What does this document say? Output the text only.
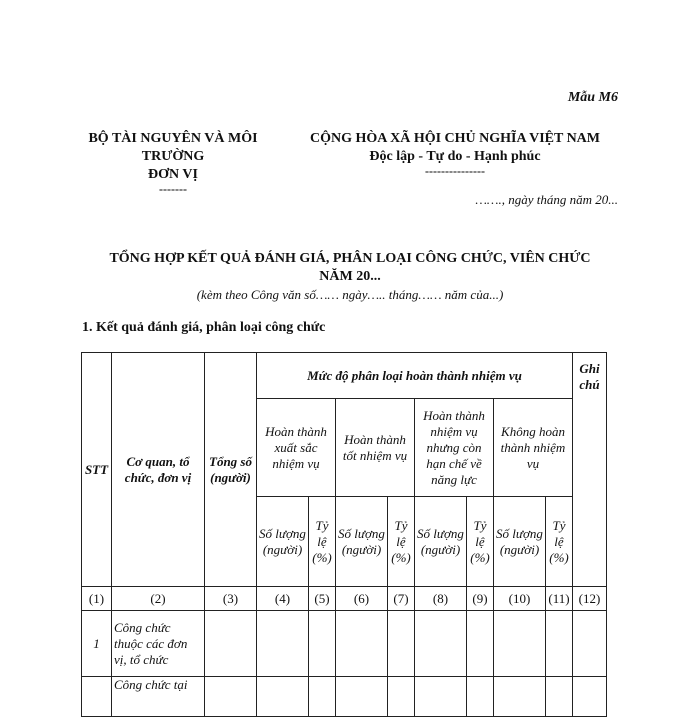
Mẫu M6
BỘ TÀI NGUYÊN VÀ MÔI
TRƯỜNG
ĐƠN VỊ
-------
CỘNG HÒA XÃ HỘI CHỦ NGHĨA VIỆT NAM
Độc lập - Tự do - Hạnh phúc
---------------
……., ngày tháng năm 20...
TỔNG HỢP KẾT QUẢ ĐÁNH GIÁ, PHÂN LOẠI CÔNG CHỨC, VIÊN CHỨC
NĂM 20...
(kèm theo Công văn số…… ngày….. tháng…… năm của...)
1. Kết quả đánh giá, phân loại công chức
STT	Cơ quan, tổ chức, đơn vị	Tổng số (người)	Mức độ phân loại hoàn thành nhiệm vụ								Ghi chú
			Hoàn thành xuất sắc nhiệm vụ		Hoàn thành tốt nhiệm vụ		Hoàn thành nhiệm vụ nhưng còn hạn chế về năng lực		Không hoàn thành nhiệm vụ		
			Số lượng (người)	Tỷ lệ (%)	Số lượng (người)	Tỷ lệ (%)	Số lượng (người)	Tỷ lệ (%)	Số lượng (người)	Tỷ lệ (%)	
(1)	(2)	(3)	(4)	(5)	(6)	(7)	(8)	(9)	(10)	(11)	(12)
1	Công chức thuộc các đơn vị, tổ chức										
	Công chức tại										
